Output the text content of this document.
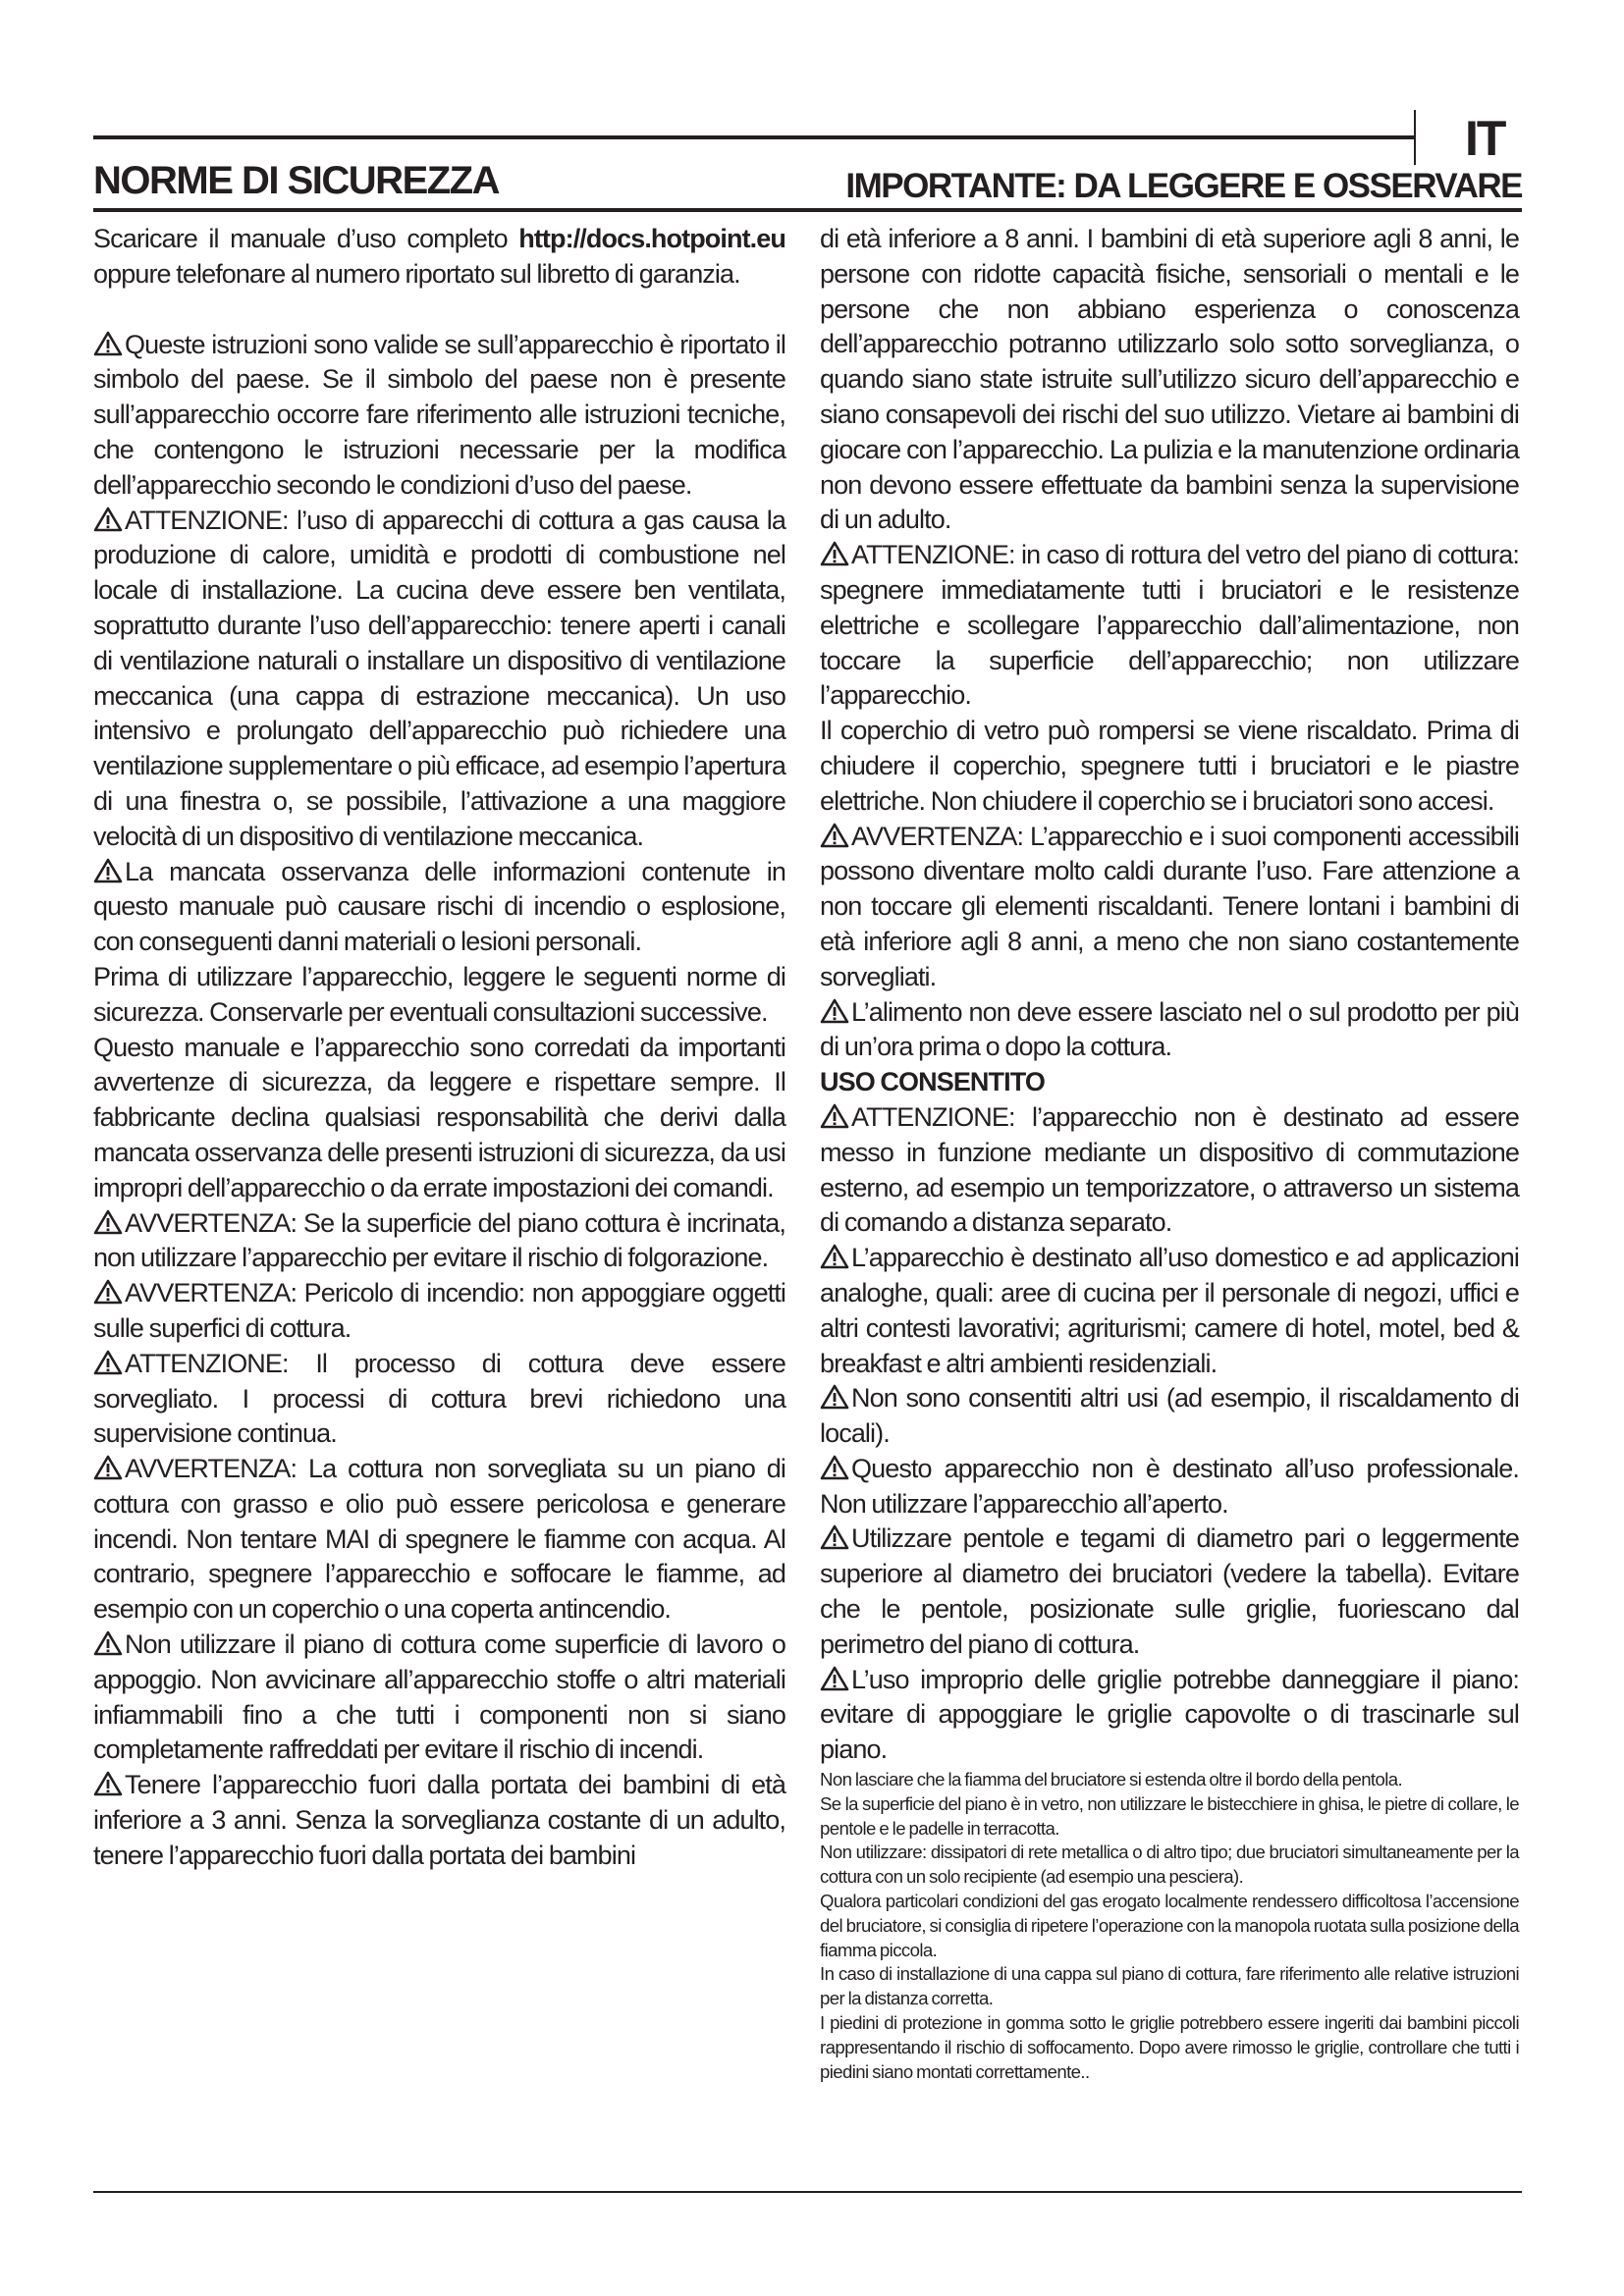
IT
NORME DI SICUREZZA	IMPORTANTE: DA LEGGERE E OSSERVARE

Scaricare il manuale d’uso completo http://docs.hotpoint.eu oppure telefonare al numero riportato sul libretto di garanzia.

Queste istruzioni sono valide se sull’apparecchio è riportato il simbolo del paese. Se il simbolo del paese non è presente sull’apparecchio occorre fare riferimento alle istruzioni tecniche, che contengono le istruzioni necessarie per la modifica dell’apparecchio secondo le condizioni d’uso del paese.

ATTENZIONE: l’uso di apparecchi di cottura a gas causa la produzione di calore, umidità e prodotti di combustione nel locale di installazione. La cucina deve essere ben ventilata, soprattutto durante l’uso dell’apparecchio: tenere aperti i canali di ventilazione naturali o installare un dispositivo di ventilazione meccanica (una cappa di estrazione meccanica). Un uso intensivo e prolungato dell’apparecchio può richiedere una ventilazione supplementare o più efficace, ad esempio l’apertura di una finestra o, se possibile, l’attivazione a una maggiore velocità di un dispositivo di ventilazione meccanica.

La mancata osservanza delle informazioni contenute in questo manuale può causare rischi di incendio o esplosione, con conseguenti danni materiali o lesioni personali.

Prima di utilizzare l’apparecchio, leggere le seguenti norme di sicurezza. Conservarle per eventuali consultazioni successive.

Questo manuale e l’apparecchio sono corredati da importanti avvertenze di sicurezza, da leggere e rispettare sempre. Il fabbricante declina qualsiasi responsabilità che derivi dalla mancata osservanza delle presenti istruzioni di sicurezza, da usi impropri dell’apparecchio o da errate impostazioni dei comandi.

AVVERTENZA: Se la superficie del piano cottura è incrinata, non utilizzare l’apparecchio per evitare il rischio di folgorazione.

AVVERTENZA: Pericolo di incendio: non appoggiare oggetti sulle superfici di cottura.

ATTENZIONE: Il processo di cottura deve essere sorvegliato. I processi di cottura brevi richiedono una supervisione continua.

AVVERTENZA: La cottura non sorvegliata su un piano di cottura con grasso e olio può essere pericolosa e generare incendi. Non tentare MAI di spegnere le fiamme con acqua. Al contrario, spegnere l’apparecchio e soffocare le fiamme, ad esempio con un coperchio o una coperta antincendio.

Non utilizzare il piano di cottura come superficie di lavoro o appoggio. Non avvicinare all’apparecchio stoffe o altri materiali infiammabili fino a che tutti i componenti non si siano completamente raffreddati per evitare il rischio di incendi.

Tenere l’apparecchio fuori dalla portata dei bambini di età inferiore a 3 anni. Senza la sorveglianza costante di un adulto, tenere l’apparecchio fuori dalla portata dei bambini

di età inferiore a 8 anni. I bambini di età superiore agli 8 anni, le persone con ridotte capacità fisiche, sensoriali o mentali e le persone che non abbiano esperienza o conoscenza dell’apparecchio potranno utilizzarlo solo sotto sorveglianza, o quando siano state istruite sull’utilizzo sicuro dell’apparecchio e siano consapevoli dei rischi del suo utilizzo. Vietare ai bambini di giocare con l’apparecchio. La pulizia e la manutenzione ordinaria non devono essere effettuate da bambini senza la supervisione di un adulto.

ATTENZIONE: in caso di rottura del vetro del piano di cottura: spegnere immediatamente tutti i bruciatori e le resistenze elettriche e scollegare l’apparecchio dall’alimentazione, non toccare la superficie dell’apparecchio; non utilizzare l’apparecchio.

Il coperchio di vetro può rompersi se viene riscaldato. Prima di chiudere il coperchio, spegnere tutti i bruciatori e le piastre elettriche. Non chiudere il coperchio se i bruciatori sono accesi.

AVVERTENZA: L’apparecchio e i suoi componenti accessibili possono diventare molto caldi durante l’uso. Fare attenzione a non toccare gli elementi riscaldanti. Tenere lontani i bambini di età inferiore agli 8 anni, a meno che non siano costantemente sorvegliati.

L’alimento non deve essere lasciato nel o sul prodotto per più di un’ora prima o dopo la cottura.

USO CONSENTITO

ATTENZIONE: l’apparecchio non è destinato ad essere messo in funzione mediante un dispositivo di commutazione esterno, ad esempio un temporizzatore, o attraverso un sistema di comando a distanza separato.

L’apparecchio è destinato all’uso domestico e ad applicazioni analoghe, quali: aree di cucina per il personale di negozi, uffici e altri contesti lavorativi; agriturismi; camere di hotel, motel, bed & breakfast e altri ambienti residenziali.

Non sono consentiti altri usi (ad esempio, il riscaldamento di locali).

Questo apparecchio non è destinato all’uso professionale. Non utilizzare l’apparecchio all’aperto.

Utilizzare pentole e tegami di diametro pari o leggermente superiore al diametro dei bruciatori (vedere la tabella). Evitare che le pentole, posizionate sulle griglie, fuoriescano dal perimetro del piano di cottura.

L’uso improprio delle griglie potrebbe danneggiare il piano: evitare di appoggiare le griglie capovolte o di trascinarle sul piano.

Non lasciare che la fiamma del bruciatore si estenda oltre il bordo della pentola.

Se la superficie del piano è in vetro, non utilizzare le bistecchiere in ghisa, le pietre di collare, le pentole e le padelle in terracotta.

Non utilizzare: dissipatori di rete metallica o di altro tipo; due bruciatori simultaneamente per la cottura con un solo recipiente (ad esempio una pesciera).

Qualora particolari condizioni del gas erogato localmente rendessero difficoltosa l’accensione del bruciatore, si consiglia di ripetere l’operazione con la manopola ruotata sulla posizione della fiamma piccola.

In caso di installazione di una cappa sul piano di cottura, fare riferimento alle relative istruzioni per la distanza corretta.

I piedini di protezione in gomma sotto le griglie potrebbero essere ingeriti dai bambini piccoli rappresentando il rischio di soffocamento. Dopo avere rimosso le griglie, controllare che tutti i piedini siano montati correttamente..
